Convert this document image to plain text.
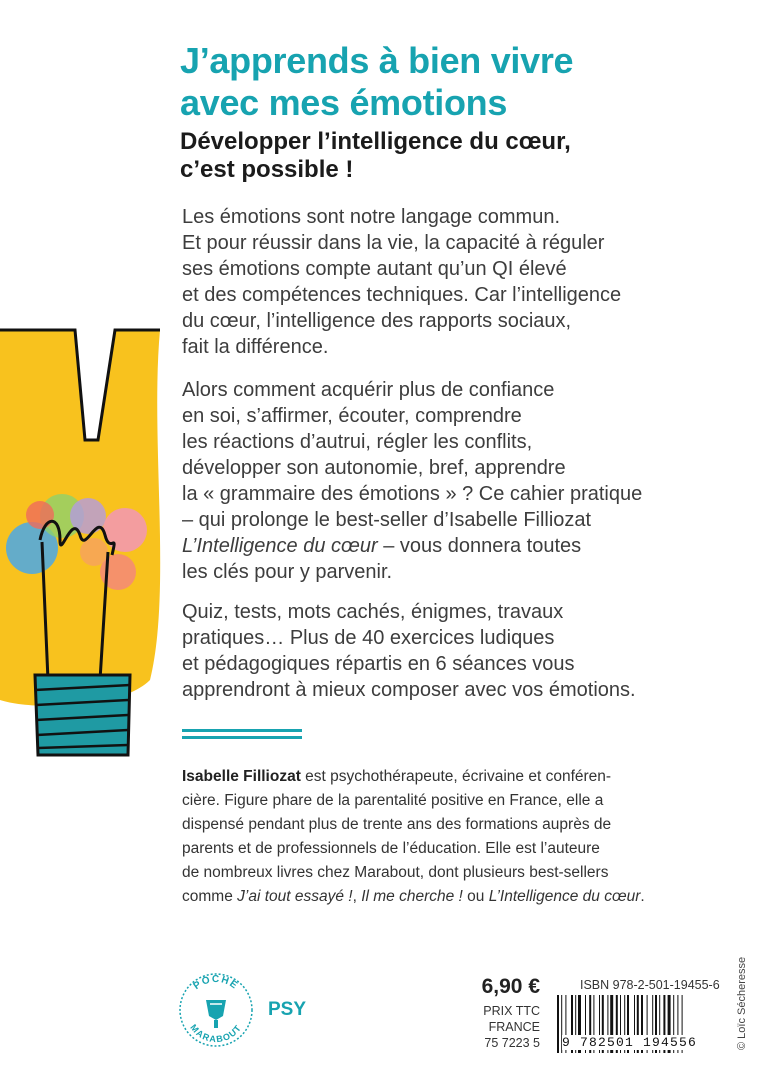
J’apprends à bien vivre
avec mes émotions
Développer l’intelligence du cœur,
c’est possible !

Les émotions sont notre langage commun.
Et pour réussir dans la vie, la capacité à réguler
ses émotions compte autant qu’un QI élevé
et des compétences techniques. Car l’intelligence
du cœur, l’intelligence des rapports sociaux,
fait la différence.

Alors comment acquérir plus de confiance
en soi, s’affirmer, écouter, comprendre
les réactions d’autrui, régler les conflits,
développer son autonomie, bref, apprendre
la « grammaire des émotions » ? Ce cahier pratique
– qui prolonge le best-seller d’Isabelle Filliozat
L’Intelligence du cœur – vous donnera toutes
les clés pour y parvenir.

Quiz, tests, mots cachés, énigmes, travaux
pratiques… Plus de 40 exercices ludiques
et pédagogiques répartis en 6 séances vous
apprendront à mieux composer avec vos émotions.

Isabelle Filliozat est psychothérapeute, écrivaine et conféren-
cière. Figure phare de la parentalité positive en France, elle a
dispensé pendant plus de trente ans des formations auprès de
parents et de professionnels de l’éducation. Elle est l’auteure
de nombreux livres chez Marabout, dont plusieurs best-sellers
comme J’ai tout essayé !, Il me cherche ! ou L’Intelligence du cœur.

POCHE
MARABOUT
PSY
6,90 €
PRIX TTC FRANCE
75 7223 5
ISBN 978-2-501-19455-6
9 782501 194556	© Loïc Sécheresse
